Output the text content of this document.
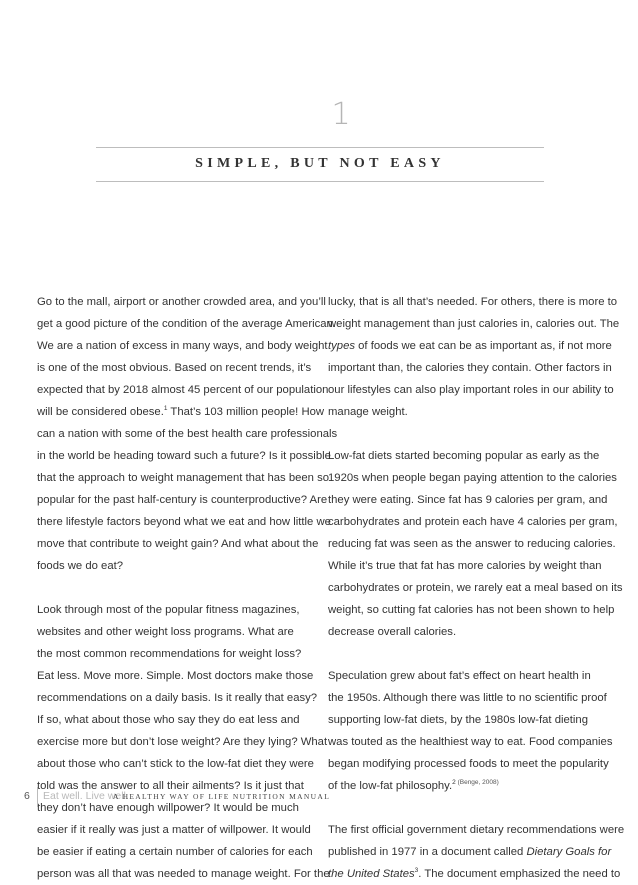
1
SIMPLE, BUT NOT EASY
Go to the mall, airport or another crowded area, and you’ll
get a good picture of the condition of the average American.
We are a nation of excess in many ways, and body weight
is one of the most obvious. Based on recent trends, it’s
expected that by 2018 almost 45 percent of our population
will be considered obese.$^1$ That’s 103 million people! How
can a nation with some of the best health care professionals
in the world be heading toward such a future? Is it possible
that the approach to weight management that has been so
popular for the past half-century is counterproductive? Are
there lifestyle factors beyond what we eat and how little we
move that contribute to weight gain? And what about the
foods we do eat?
Look through most of the popular fitness magazines,
websites and other weight loss programs. What are
the most common recommendations for weight loss?
Eat less. Move more. Simple. Most doctors make those
recommendations on a daily basis. Is it really that easy?
If so, what about those who say they do eat less and
exercise more but don’t lose weight? Are they lying? What
about those who can’t stick to the low-fat diet they were
told was the answer to all their ailments? Is it just that
they don’t have enough willpower? It would be much
easier if it really was just a matter of willpower. It would
be easier if eating a certain number of calories for each
person was all that was needed to manage weight. For the
lucky, that is all that’s needed. For others, there is more to
weight management than just calories in, calories out. The
types of foods we eat can be as important as, if not more
important than, the calories they contain. Other factors in
our lifestyles can also play important roles in our ability to
manage weight.
Low-fat diets started becoming popular as early as the
1920s when people began paying attention to the calories
they were eating. Since fat has 9 calories per gram, and
carbohydrates and protein each have 4 calories per gram,
reducing fat was seen as the answer to reducing calories.
While it’s true that fat has more calories by weight than
carbohydrates or protein, we rarely eat a meal based on its
weight, so cutting fat calories has not been shown to help
decrease overall calories.
Speculation grew about fat’s effect on heart health in
the 1950s. Although there was little to no scientific proof
supporting low-fat diets, by the 1980s low-fat dieting
was touted as the healthiest way to eat. Food companies
began modifying processed foods to meet the popularity
of the low-fat philosophy.$^{2 (Benge, 2008)}$
The first official government dietary recommendations were
published in 1977 in a document called Dietary Goals for
the United States$^3$. The document emphasized the need to
6 Eat well. Live well.
A HEALTHY WAY OF LIFE NUTRITION MANUAL
